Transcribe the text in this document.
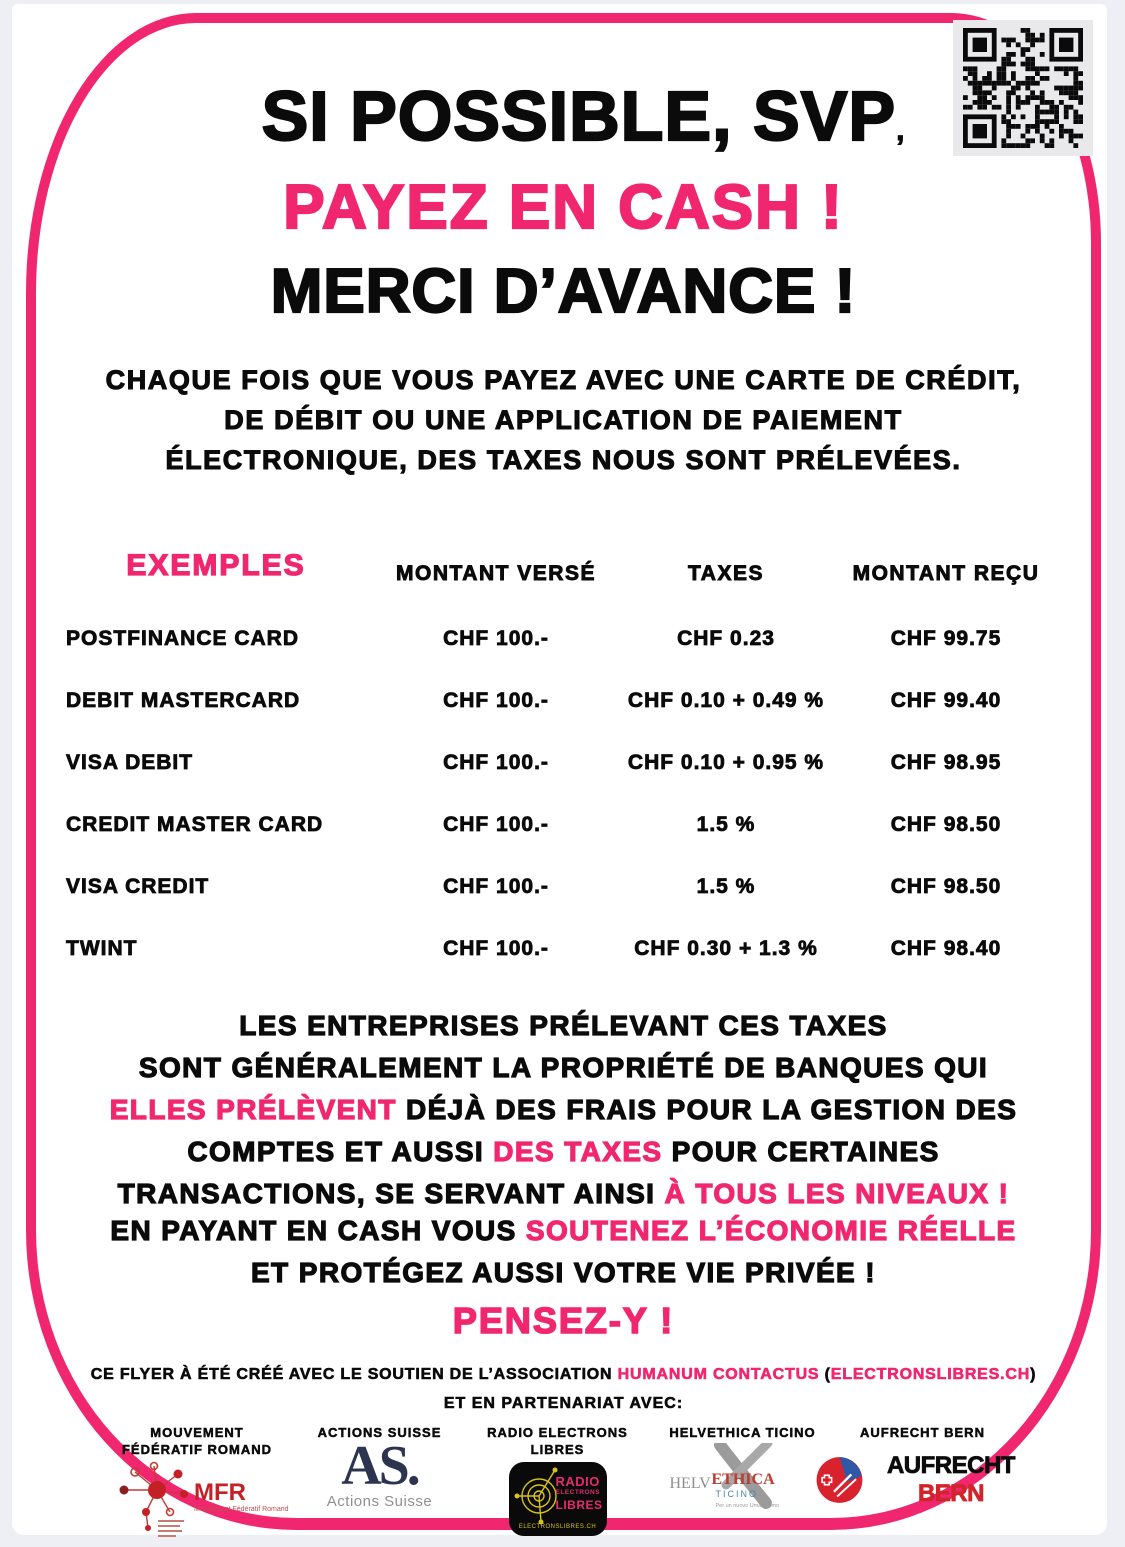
SI POSSIBLE, SVP,
PAYEZ EN CASH !
MERCI D’AVANCE !
CHAQUE FOIS QUE VOUS PAYEZ AVEC UNE CARTE DE CRÉDIT,
DE DÉBIT OU UNE APPLICATION DE PAIEMENT
ÉLECTRONIQUE, DES TAXES NOUS SONT PRÉLEVÉES.
EXEMPLES	MONTANT VERSÉ	TAXES	MONTANT REÇU
POSTFINANCE CARD	CHF 100.-	CHF 0.23	CHF 99.75
DEBIT MASTERCARD	CHF 100.-	CHF 0.10 + 0.49 %	CHF 99.40
VISA DEBIT	CHF 100.-	CHF 0.10 + 0.95 %	CHF 98.95
CREDIT MASTER CARD	CHF 100.-	1.5 %	CHF 98.50
VISA CREDIT	CHF 100.-	1.5 %	CHF 98.50
TWINT	CHF 100.-	CHF 0.30 + 1.3 %	CHF 98.40
LES ENTREPRISES PRÉLEVANT CES TAXES
SONT GÉNÉRALEMENT LA PROPRIÉTÉ DE BANQUES QUI
ELLES PRÉLÈVENT DÉJÀ DES FRAIS POUR LA GESTION DES
COMPTES ET AUSSI DES TAXES POUR CERTAINES
TRANSACTIONS, SE SERVANT AINSI À TOUS LES NIVEAUX !
EN PAYANT EN CASH VOUS SOUTENEZ L’ÉCONOMIE RÉELLE
ET PROTÉGEZ AUSSI VOTRE VIE PRIVÉE !
PENSEZ-Y !
CE FLYER À ÉTÉ CRÉÉ AVEC LE SOUTIEN DE L’ASSOCIATION HUMANUM CONTACTUS (ELECTRONSLIBRES.CH)
ET EN PARTENARIAT AVEC:
MOUVEMENT
FÉDÉRATIF ROMAND
MFR
Mouvement Fédératif Romand
ACTIONS SUISSE
AS.
Actions Suisse
RADIO ELECTRONS LIBRES
RADIO
ELECTRONS
LIBRES
ELECTRONSLIBRES.CH
HELVETHICA TICINO
HELV ETHICA
TICINO
Per un nuovo Umanesimo
AUFRECHT BERN
AUFRECHT BERN
